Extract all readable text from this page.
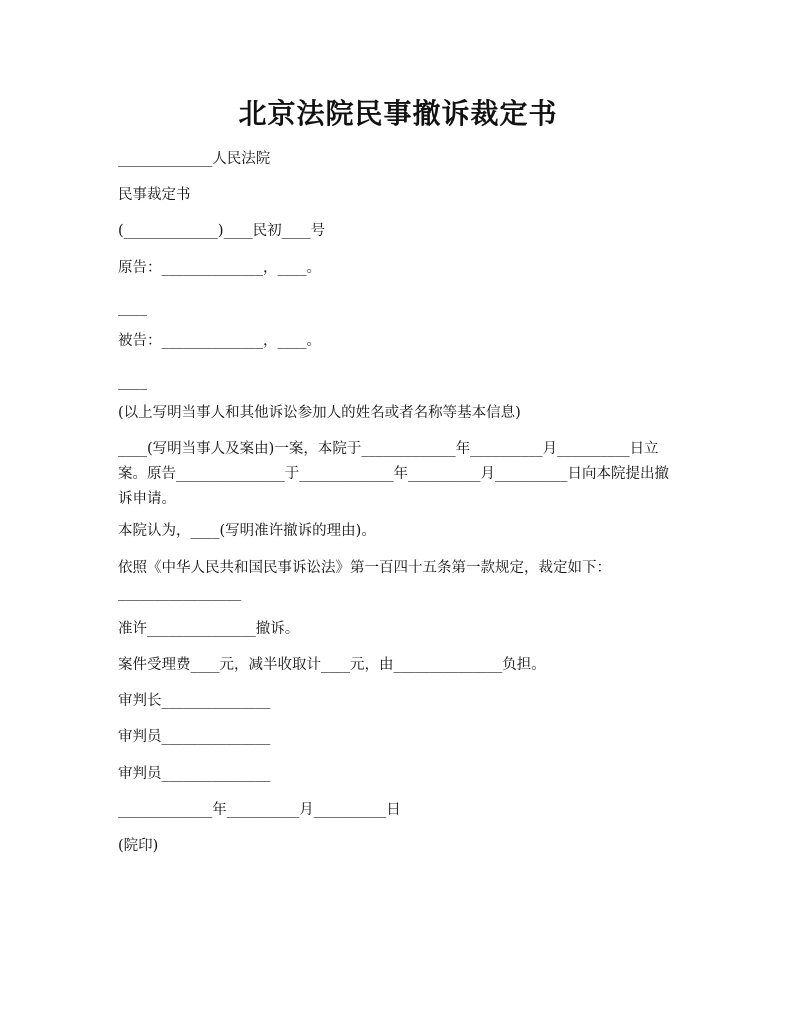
北京法院民事撤诉裁定书
_____________人民法院
民事裁定书
(_____________)____民初____号
原告：______________，____。
____
被告：______________，____。
____
(以上写明当事人和其他诉讼参加人的姓名或者名称等基本信息)
____(写明当事人及案由)一案，本院于_____________年__________月__________日立案。原告_______________于_____________年__________月__________日向本院提出撤诉申请。
本院认为，____(写明准许撤诉的理由)。
依照《中华人民共和国民事诉讼法》第一百四十五条第一款规定，裁定如下：_________________
准许_______________撤诉。
案件受理费____元，减半收取计____元，由_______________负担。
审判长_______________
审判员_______________
审判员_______________
_____________年__________月__________日
(院印)
